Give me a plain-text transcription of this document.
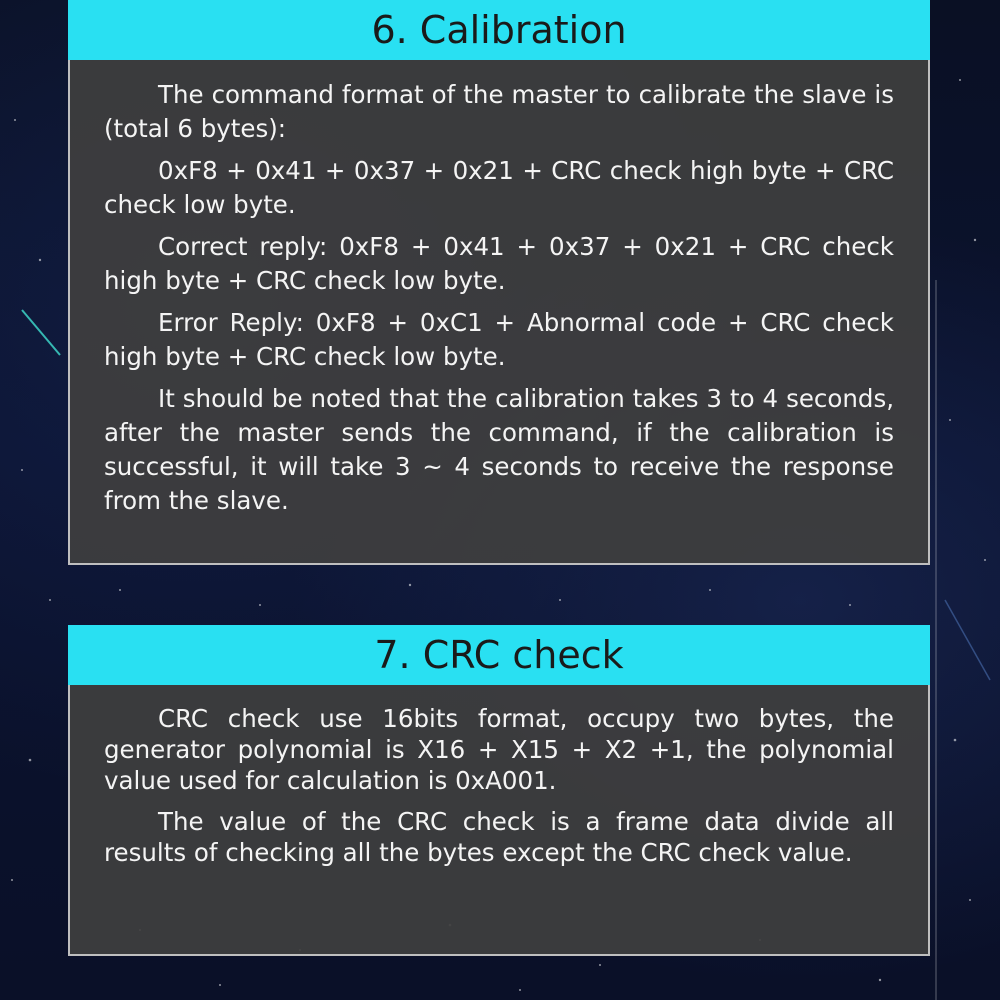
6. Calibration

The command format of the master to calibrate the slave is (total 6 bytes):

0xF8 + 0x41 + 0x37 + 0x21 + CRC check high byte + CRC check low byte.

Correct reply: 0xF8 + 0x41 + 0x37 + 0x21 + CRC check high byte + CRC check low byte.

Error Reply: 0xF8 + 0xC1 + Abnormal code + CRC check high byte + CRC check low byte.

It should be noted that the calibration takes 3 to 4 seconds, after the master sends the command, if the calibration is successful, it will take 3 ~ 4 seconds to receive the response from the slave.

7. CRC check

CRC check use 16bits format, occupy two bytes, the generator polynomial is X16 + X15 + X2 +1, the polynomial value used for calculation is 0xA001.

The value of the CRC check is a frame data divide all results of checking all the bytes except the CRC check value.
